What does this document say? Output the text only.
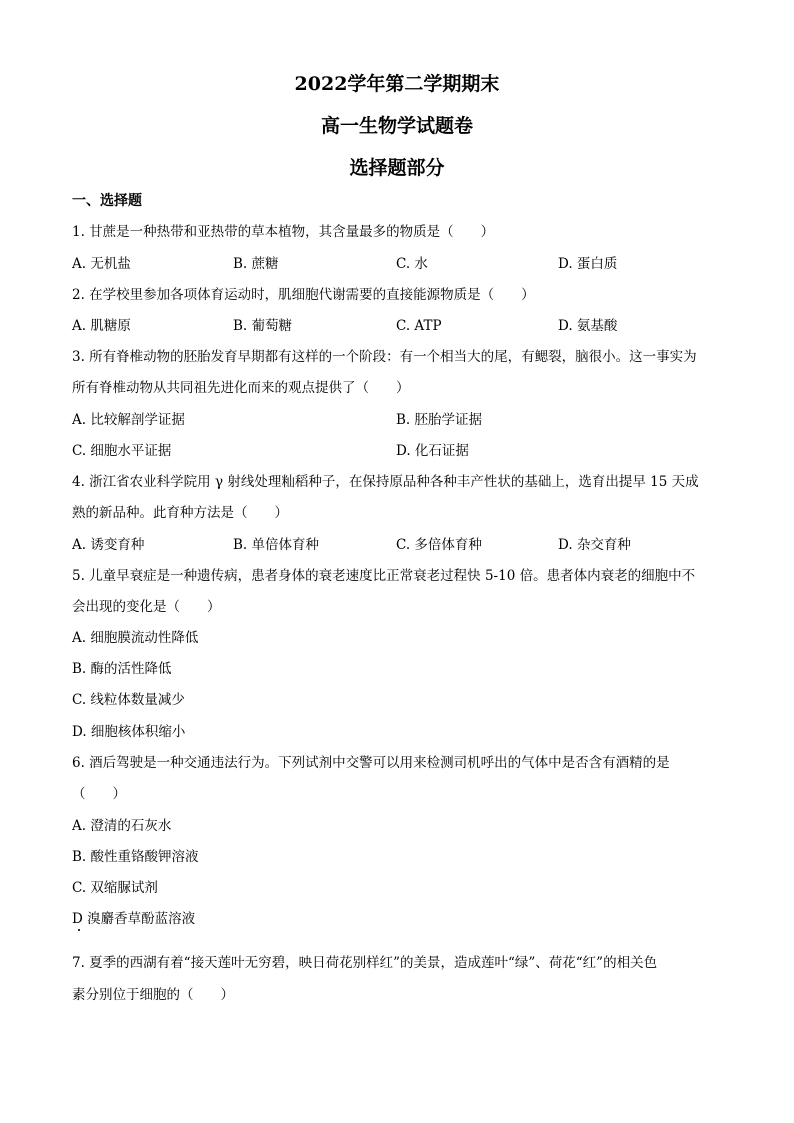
2022学年第二学期期末
高一生物学试题卷
选择题部分
一、选择题
1. 甘蔗是一种热带和亚热带的草本植物，其含量最多的物质是（　　）
A. 无机盐	B. 蔗糖	C. 水	D. 蛋白质
2. 在学校里参加各项体育运动时，肌细胞代谢需要的直接能源物质是（　　）
A. 肌糖原	B. 葡萄糖	C. ATP	D. 氨基酸
3. 所有脊椎动物的胚胎发育早期都有这样的一个阶段：有一个相当大的尾，有鳃裂，脑很小。这一事实为
所有脊椎动物从共同祖先进化而来的观点提供了（　　）
A. 比较解剖学证据	B. 胚胎学证据
C. 细胞水平证据	D. 化石证据
4. 浙江省农业科学院用 γ 射线处理籼稻种子，在保持原品种各种丰产性状的基础上，选育出提早 15 天成
熟的新品种。此育种方法是（　　）
A. 诱变育种	B. 单倍体育种	C. 多倍体育种	D. 杂交育种
5. 儿童早衰症是一种遗传病，患者身体的衰老速度比正常衰老过程快 5-10 倍。患者体内衰老的细胞中不
会出现的变化是（　　）
A. 细胞膜流动性降低
B. 酶的活性降低
C. 线粒体数量减少
D. 细胞核体积缩小
6. 酒后驾驶是一种交通违法行为。下列试剂中交警可以用来检测司机呼出的气体中是否含有酒精的是
（　　）
A. 澄清的石灰水
B. 酸性重铬酸钾溶液
C. 双缩脲试剂
D 溴麝香草酚蓝溶液
7. 夏季的西湖有着“接天莲叶无穷碧，映日荷花别样红”的美景，造成莲叶“绿”、荷花“红”的相关色
素分别位于细胞的（　　）
